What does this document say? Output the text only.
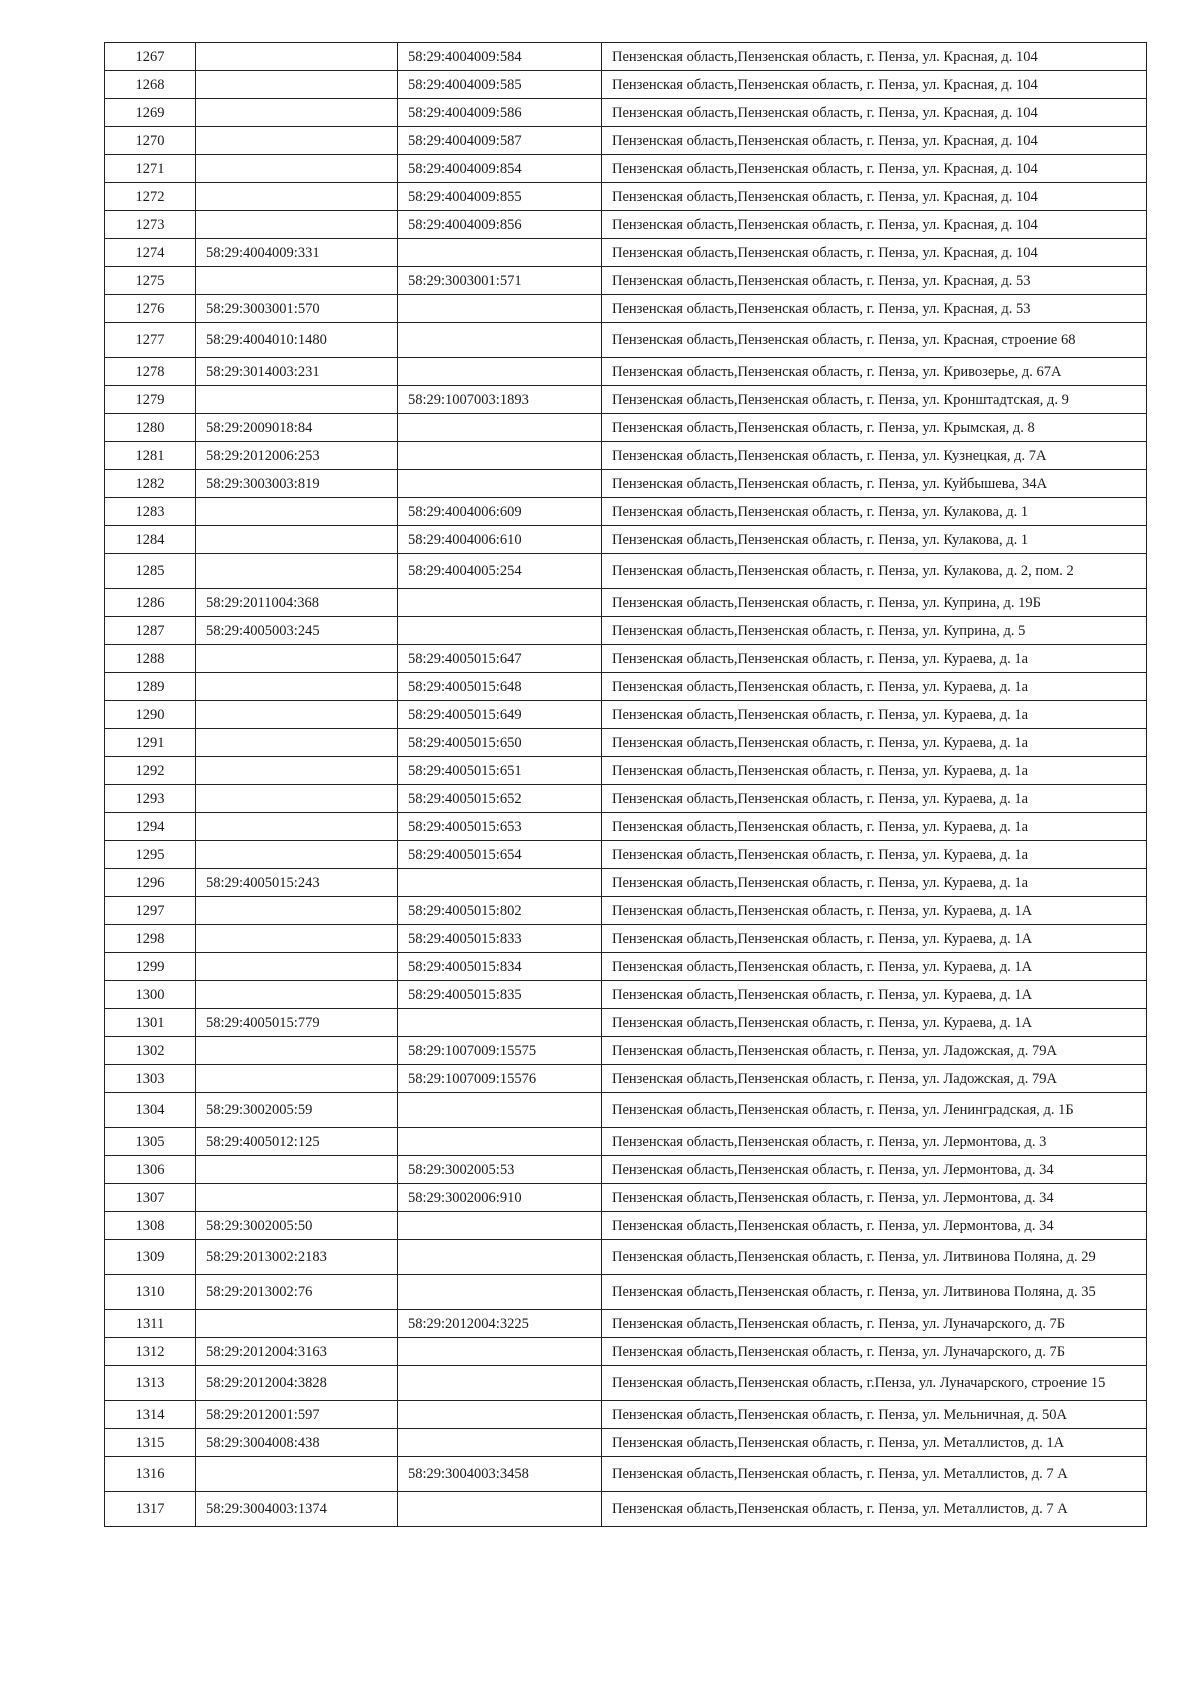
1267		58:29:4004009:584	Пензенская область,Пензенская область, г. Пенза, ул. Красная, д. 104
1268		58:29:4004009:585	Пензенская область,Пензенская область, г. Пенза, ул. Красная, д. 104
1269		58:29:4004009:586	Пензенская область,Пензенская область, г. Пенза, ул. Красная, д. 104
1270		58:29:4004009:587	Пензенская область,Пензенская область, г. Пенза, ул. Красная, д. 104
1271		58:29:4004009:854	Пензенская область,Пензенская область, г. Пенза, ул. Красная, д. 104
1272		58:29:4004009:855	Пензенская область,Пензенская область, г. Пенза, ул. Красная, д. 104
1273		58:29:4004009:856	Пензенская область,Пензенская область, г. Пенза, ул. Красная, д. 104
1274	58:29:4004009:331		Пензенская область,Пензенская область, г. Пенза, ул. Красная, д. 104
1275		58:29:3003001:571	Пензенская область,Пензенская область, г. Пенза, ул. Красная, д. 53
1276	58:29:3003001:570		Пензенская область,Пензенская область, г. Пенза, ул. Красная, д. 53
1277	58:29:4004010:1480		Пензенская область,Пензенская область, г. Пенза, ул. Красная, строение 68
1278	58:29:3014003:231		Пензенская область,Пензенская область, г. Пенза, ул. Кривозерье, д. 67А
1279		58:29:1007003:1893	Пензенская область,Пензенская область, г. Пенза, ул. Кронштадтская, д. 9
1280	58:29:2009018:84		Пензенская область,Пензенская область, г. Пенза, ул. Крымская, д. 8
1281	58:29:2012006:253		Пензенская область,Пензенская область, г. Пенза, ул. Кузнецкая, д. 7А
1282	58:29:3003003:819		Пензенская область,Пензенская область, г. Пенза, ул. Куйбышева, 34А
1283		58:29:4004006:609	Пензенская область,Пензенская область, г. Пенза, ул. Кулакова, д. 1
1284		58:29:4004006:610	Пензенская область,Пензенская область, г. Пенза, ул. Кулакова, д. 1
1285		58:29:4004005:254	Пензенская область,Пензенская область, г. Пенза, ул. Кулакова, д. 2, пом. 2
1286	58:29:2011004:368		Пензенская область,Пензенская область, г. Пенза, ул. Куприна, д. 19Б
1287	58:29:4005003:245		Пензенская область,Пензенская область, г. Пенза, ул. Куприна, д. 5
1288		58:29:4005015:647	Пензенская область,Пензенская область, г. Пенза, ул. Кураева, д. 1а
1289		58:29:4005015:648	Пензенская область,Пензенская область, г. Пенза, ул. Кураева, д. 1а
1290		58:29:4005015:649	Пензенская область,Пензенская область, г. Пенза, ул. Кураева, д. 1а
1291		58:29:4005015:650	Пензенская область,Пензенская область, г. Пенза, ул. Кураева, д. 1а
1292		58:29:4005015:651	Пензенская область,Пензенская область, г. Пенза, ул. Кураева, д. 1а
1293		58:29:4005015:652	Пензенская область,Пензенская область, г. Пенза, ул. Кураева, д. 1а
1294		58:29:4005015:653	Пензенская область,Пензенская область, г. Пенза, ул. Кураева, д. 1а
1295		58:29:4005015:654	Пензенская область,Пензенская область, г. Пенза, ул. Кураева, д. 1а
1296	58:29:4005015:243		Пензенская область,Пензенская область, г. Пенза, ул. Кураева, д. 1а
1297		58:29:4005015:802	Пензенская область,Пензенская область, г. Пенза, ул. Кураева, д. 1А
1298		58:29:4005015:833	Пензенская область,Пензенская область, г. Пенза, ул. Кураева, д. 1А
1299		58:29:4005015:834	Пензенская область,Пензенская область, г. Пенза, ул. Кураева, д. 1А
1300		58:29:4005015:835	Пензенская область,Пензенская область, г. Пенза, ул. Кураева, д. 1А
1301	58:29:4005015:779		Пензенская область,Пензенская область, г. Пенза, ул. Кураева, д. 1А
1302		58:29:1007009:15575	Пензенская область,Пензенская область, г. Пенза, ул. Ладожская, д. 79А
1303		58:29:1007009:15576	Пензенская область,Пензенская область, г. Пенза, ул. Ладожская, д. 79А
1304	58:29:3002005:59		Пензенская область,Пензенская область, г. Пенза, ул. Ленинградская, д. 1Б
1305	58:29:4005012:125		Пензенская область,Пензенская область, г. Пенза, ул. Лермонтова, д. 3
1306		58:29:3002005:53	Пензенская область,Пензенская область, г. Пенза, ул. Лермонтова, д. 34
1307		58:29:3002006:910	Пензенская область,Пензенская область, г. Пенза, ул. Лермонтова, д. 34
1308	58:29:3002005:50		Пензенская область,Пензенская область, г. Пенза, ул. Лермонтова, д. 34
1309	58:29:2013002:2183		Пензенская область,Пензенская область, г. Пенза, ул. Литвинова Поляна, д. 29
1310	58:29:2013002:76		Пензенская область,Пензенская область, г. Пенза, ул. Литвинова Поляна, д. 35
1311		58:29:2012004:3225	Пензенская область,Пензенская область, г. Пенза, ул. Луначарского, д. 7Б
1312	58:29:2012004:3163		Пензенская область,Пензенская область, г. Пенза, ул. Луначарского, д. 7Б
1313	58:29:2012004:3828		Пензенская область,Пензенская область, г.Пенза, ул. Луначарского, строение 15
1314	58:29:2012001:597		Пензенская область,Пензенская область, г. Пенза, ул. Мельничная, д. 50А
1315	58:29:3004008:438		Пензенская область,Пензенская область, г. Пенза, ул. Металлистов, д. 1А
1316		58:29:3004003:3458	Пензенская область,Пензенская область, г. Пенза, ул. Металлистов, д. 7 А
1317	58:29:3004003:1374		Пензенская область,Пензенская область, г. Пенза, ул. Металлистов, д. 7 А
